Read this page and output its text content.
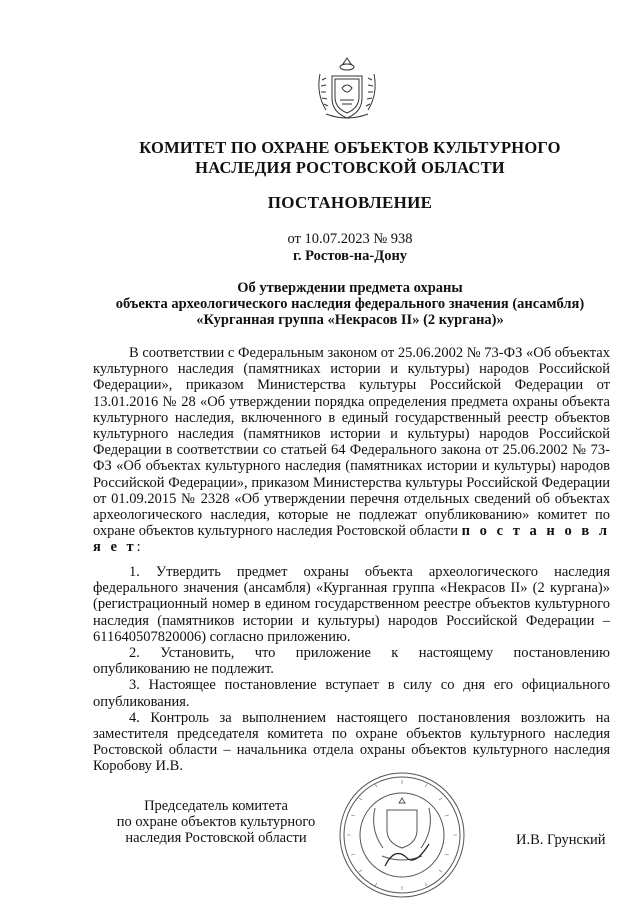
КОМИТЕТ ПО ОХРАНЕ ОБЪЕКТОВ КУЛЬТУРНОГО
НАСЛЕДИЯ РОСТОВСКОЙ ОБЛАСТИ
ПОСТАНОВЛЕНИЕ
от 10.07.2023 № 938
г. Ростов-на-Дону
Об утверждении предмета охраны
объекта археологического наследия федерального значения (ансамбля)
«Курганная группа «Некрасов II» (2 кургана)»
В соответствии с Федеральным законом от 25.06.2002 № 73-ФЗ «Об объектах культурного наследия (памятниках истории и культуры) народов Российской Федерации», приказом Министерства культуры Российской Федерации от 13.01.2016 № 28 «Об утверждении порядка определения предмета охраны объекта культурного наследия, включенного в единый государственный реестр объектов культурного наследия (памятников истории и культуры) народов Российской Федерации в соответствии со статьей 64 Федерального закона от 25.06.2002 № 73-ФЗ «Об объектах культурного наследия (памятниках истории и культуры) народов Российской Федерации», приказом Министерства культуры Российской Федерации от 01.09.2015 № 2328 «Об утверждении перечня отдельных сведений об объектах археологического наследия, которые не подлежат опубликованию» комитет по охране объектов культурного наследия Ростовской области п о с т а н о в л я е т:

1. Утвердить предмет охраны объекта археологического наследия федерального значения (ансамбля) «Курганная группа «Некрасов II» (2 кургана)» (регистрационный номер в едином государственном реестре объектов культурного наследия (памятников истории и культуры) народов Российской Федерации – 611640507820006) согласно приложению.

2. Установить, что приложение к настоящему постановлению опубликованию не подлежит.

3. Настоящее постановление вступает в силу со дня его официального опубликования.

4. Контроль за выполнением настоящего постановления возложить на заместителя председателя комитета по охране объектов культурного наследия Ростовской области – начальника отдела охраны объектов культурного наследия Коробову И.В.

Председатель комитета
по охране объектов культурного
наследия Ростовской области	И.В. Грунский
